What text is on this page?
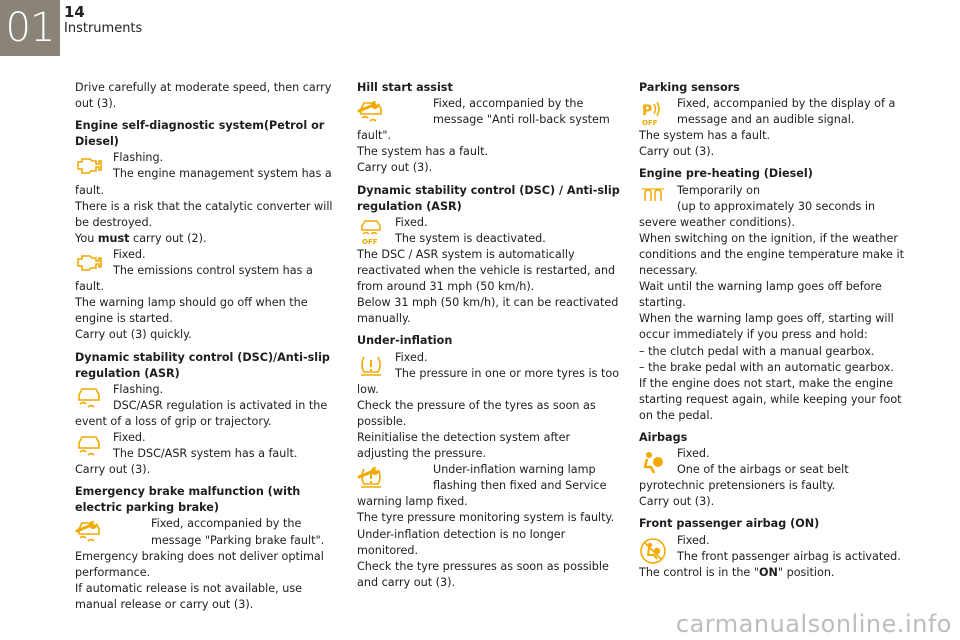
01 14
Instruments

Drive carefully at moderate speed, then carry out (3).

Engine self-diagnostic system(Petrol or Diesel)

Flashing.

The engine management system has a fault.

There is a risk that the catalytic converter will be destroyed.

You must carry out (2).

Fixed.

The emissions control system has a fault.

The warning lamp should go off when the engine is started.

Carry out (3) quickly.

Dynamic stability control (DSC)/Anti-slip regulation (ASR)

Flashing.

DSC/ASR regulation is activated in the event of a loss of grip or trajectory.

Fixed.

The DSC/ASR system has a fault.

Carry out (3).

Emergency brake malfunction (with electric parking brake)

Fixed, accompanied by the message "Parking brake fault".

Emergency braking does not deliver optimal performance.

If automatic release is not available, use manual release or carry out (3).

Hill start assist

Fixed, accompanied by the message "Anti roll-back system fault".

The system has a fault.

Carry out (3).

Dynamic stability control (DSC) / Anti-slip regulation (ASR)

OFF

Fixed.

The system is deactivated.

The DSC / ASR system is automatically reactivated when the vehicle is restarted, and from around 31 mph (50 km/h).

Below 31 mph (50 km/h), it can be reactivated manually.

Under-inflation

Fixed.

The pressure in one or more tyres is too low.

Check the pressure of the tyres as soon as possible.

Reinitialise the detection system after adjusting the pressure.

Under-inflation warning lamp flashing then fixed and Service warning lamp fixed.

The tyre pressure monitoring system is faulty.

Under-inflation detection is no longer monitored.

Check the tyre pressures as soon as possible and carry out (3).

Parking sensors

P
OFF

Fixed, accompanied by the display of a message and an audible signal.

The system has a fault.

Carry out (3).

Engine pre-heating (Diesel)

Temporarily on

(up to approximately 30 seconds in severe weather conditions).

When switching on the ignition, if the weather conditions and the engine temperature make it necessary.

Wait until the warning lamp goes off before starting.

When the warning lamp goes off, starting will occur immediately if you press and hold:

– the clutch pedal with a manual gearbox.

– the brake pedal with an automatic gearbox.

If the engine does not start, make the engine starting request again, while keeping your foot on the pedal.

Airbags

Fixed.

One of the airbags or seat belt pyrotechnic pretensioners is faulty.

Carry out (3).

Front passenger airbag (ON)

Fixed.

The front passenger airbag is activated.

The control is in the "ON" position.

carmanualsonline.info
